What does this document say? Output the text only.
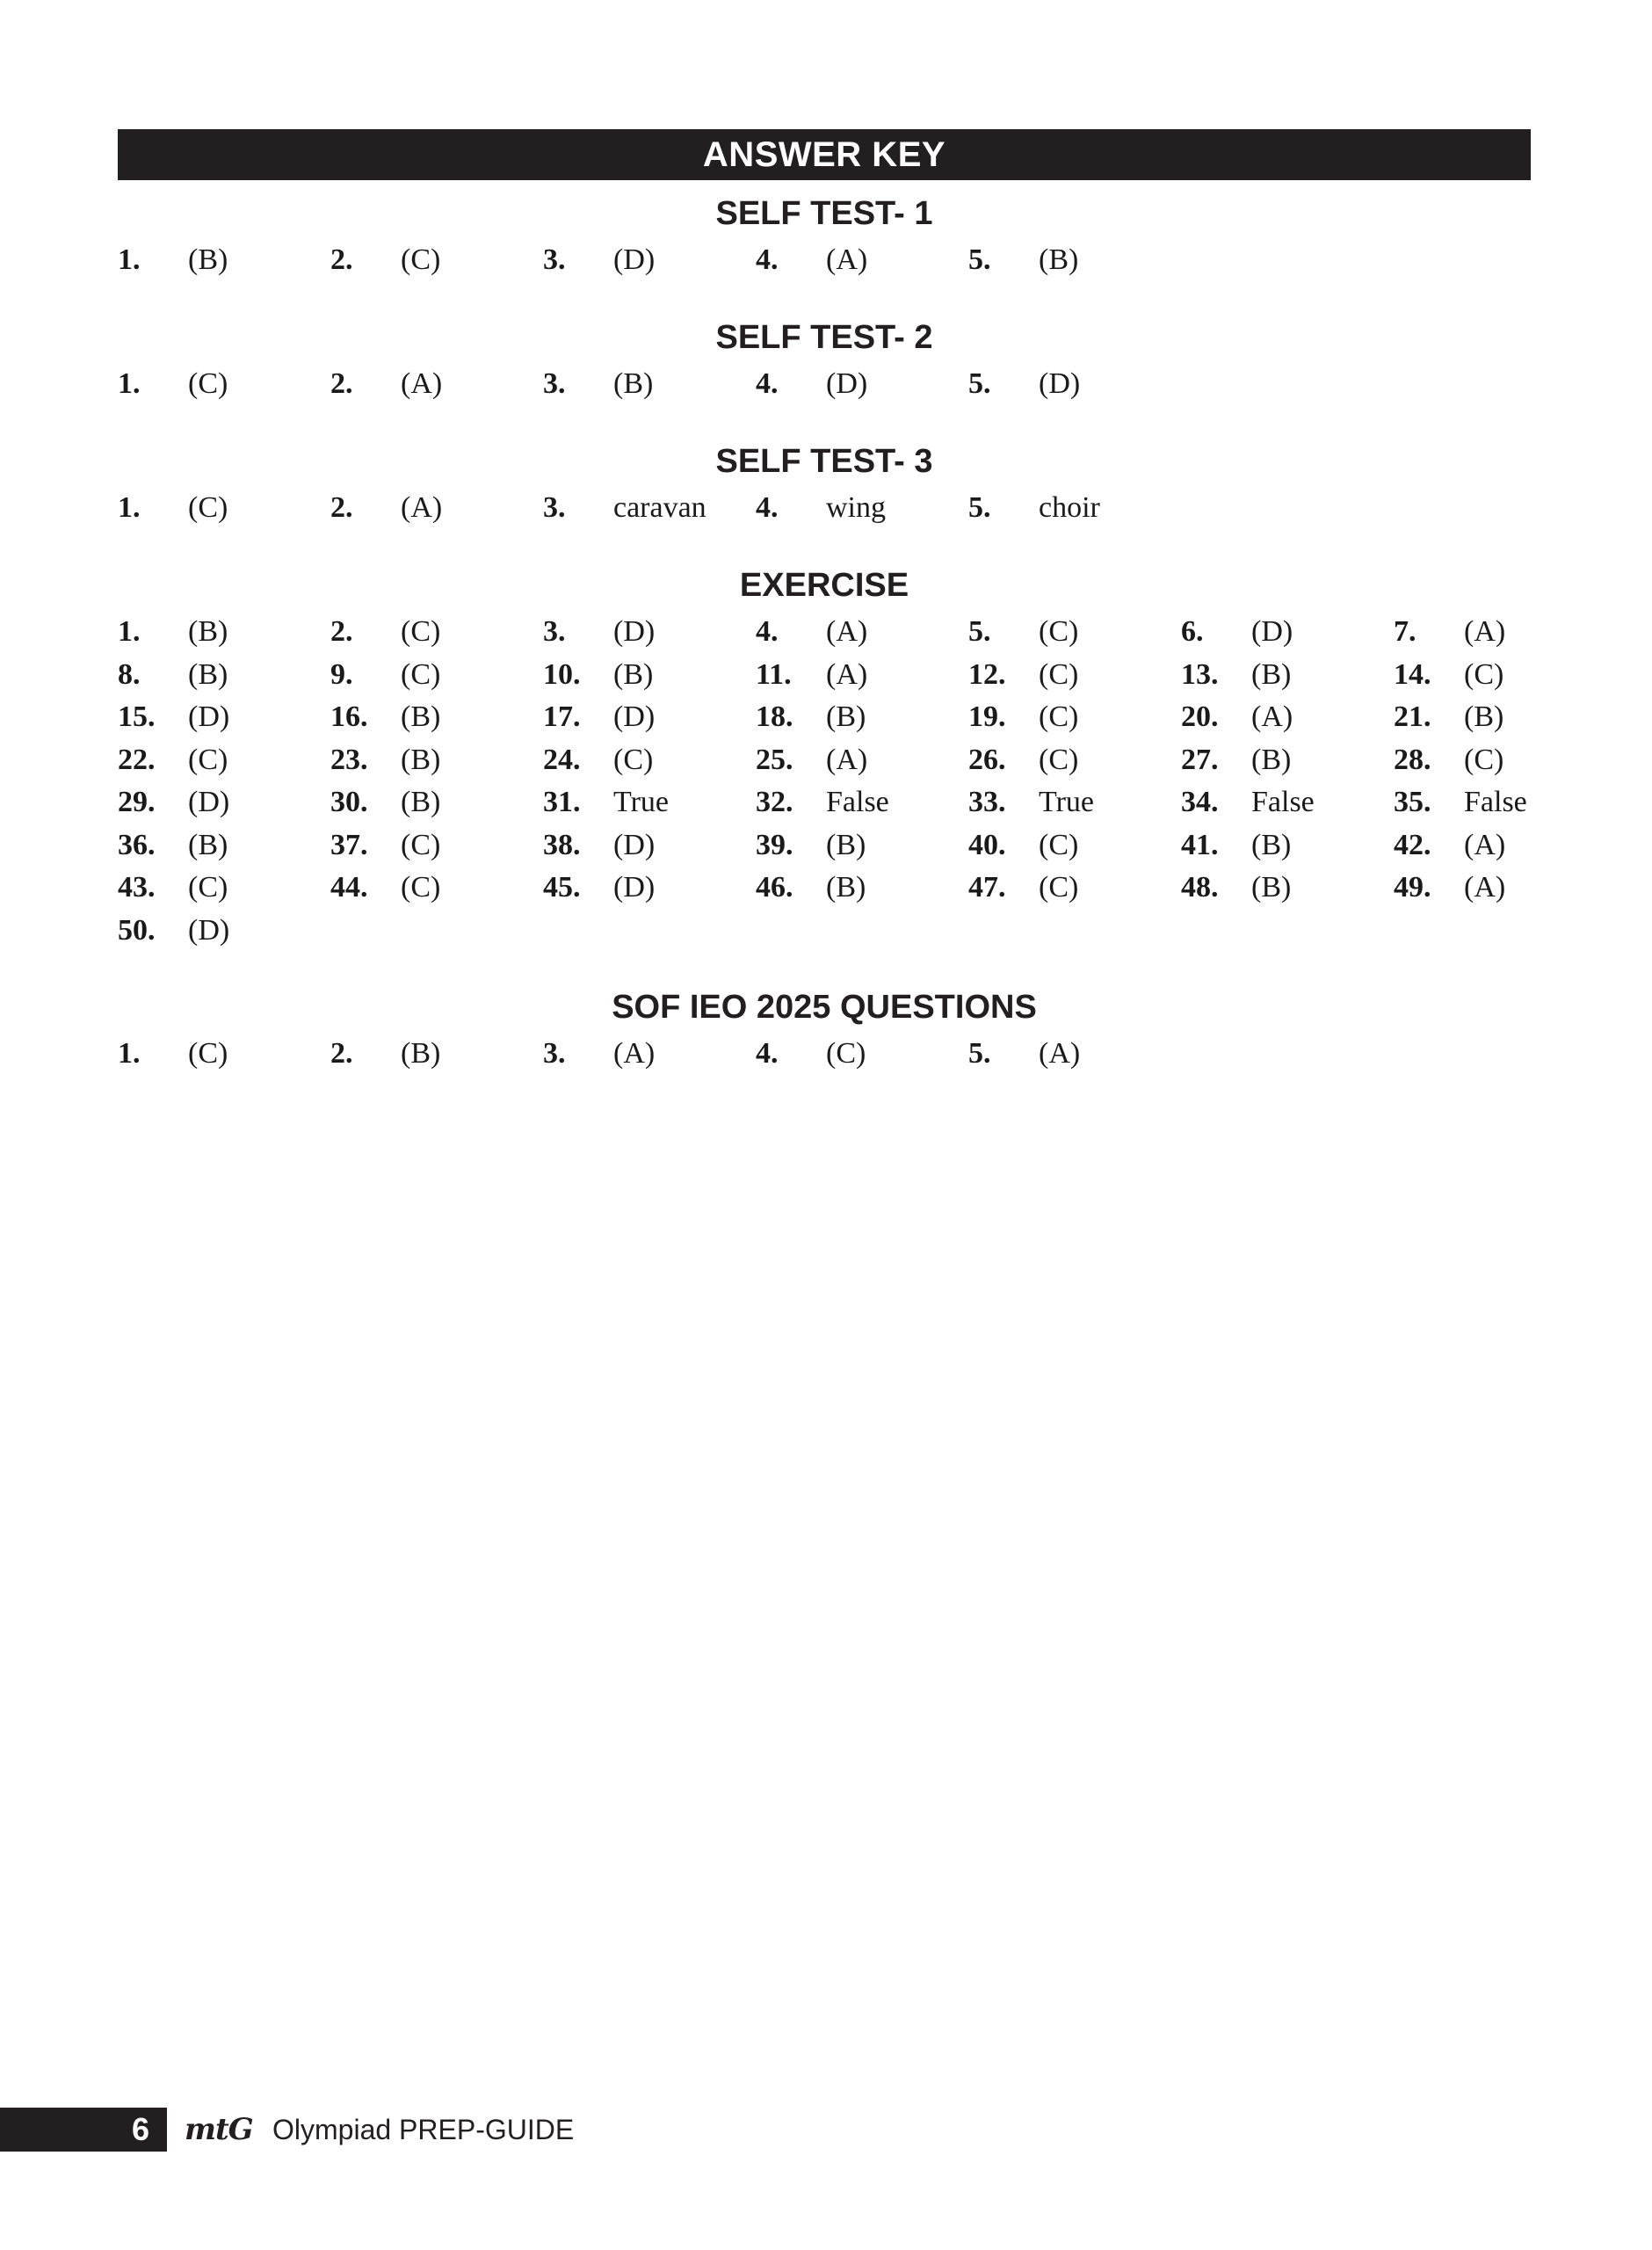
ANSWER KEY
SELF TEST- 1
1.	(B)	2.	(C)	3.	(D)	4.	(A)	5.	(B)
SELF TEST- 2
1.	(C)	2.	(A)	3.	(B)	4.	(D)	5.	(D)
SELF TEST- 3
1.	(C)	2.	(A)	3.	caravan 4.	wing	5.	choir
EXERCISE
1.	(B)	2.	(C)	3.	(D)	4.	(A)	5.	(C)	6.	(D)	7.	(A)
8.	(B)	9.	(C)	10.	(B)	11.	(A)	12.	(C)	13.	(B)	14.	(C)
15.	(D)	16.	(B)	17.	(D)	18.	(B)	19.	(C)	20.	(A)	21.	(B)
22.	(C)	23.	(B)	24.	(C)	25.	(A)	26.	(C)	27.	(B)	28.	(C)
29.	(D)	30.	(B)	31.	True	32.	False	33.	True	34.	False	35.	False
36.	(B)	37.	(C)	38.	(D)	39.	(B)	40.	(C)	41.	(B)	42.	(A)
43.	(C)	44.	(C)	45.	(D)	46.	(B)	47.	(C)	48.	(B)	49.	(A)
50.	(D)
SOF IEO 2025 QUESTIONS
1.	(C)	2.	(B)	3.	(A)	4.	(C)	5.	(A)
6	mtG Olympiad PREP-GUIDE
